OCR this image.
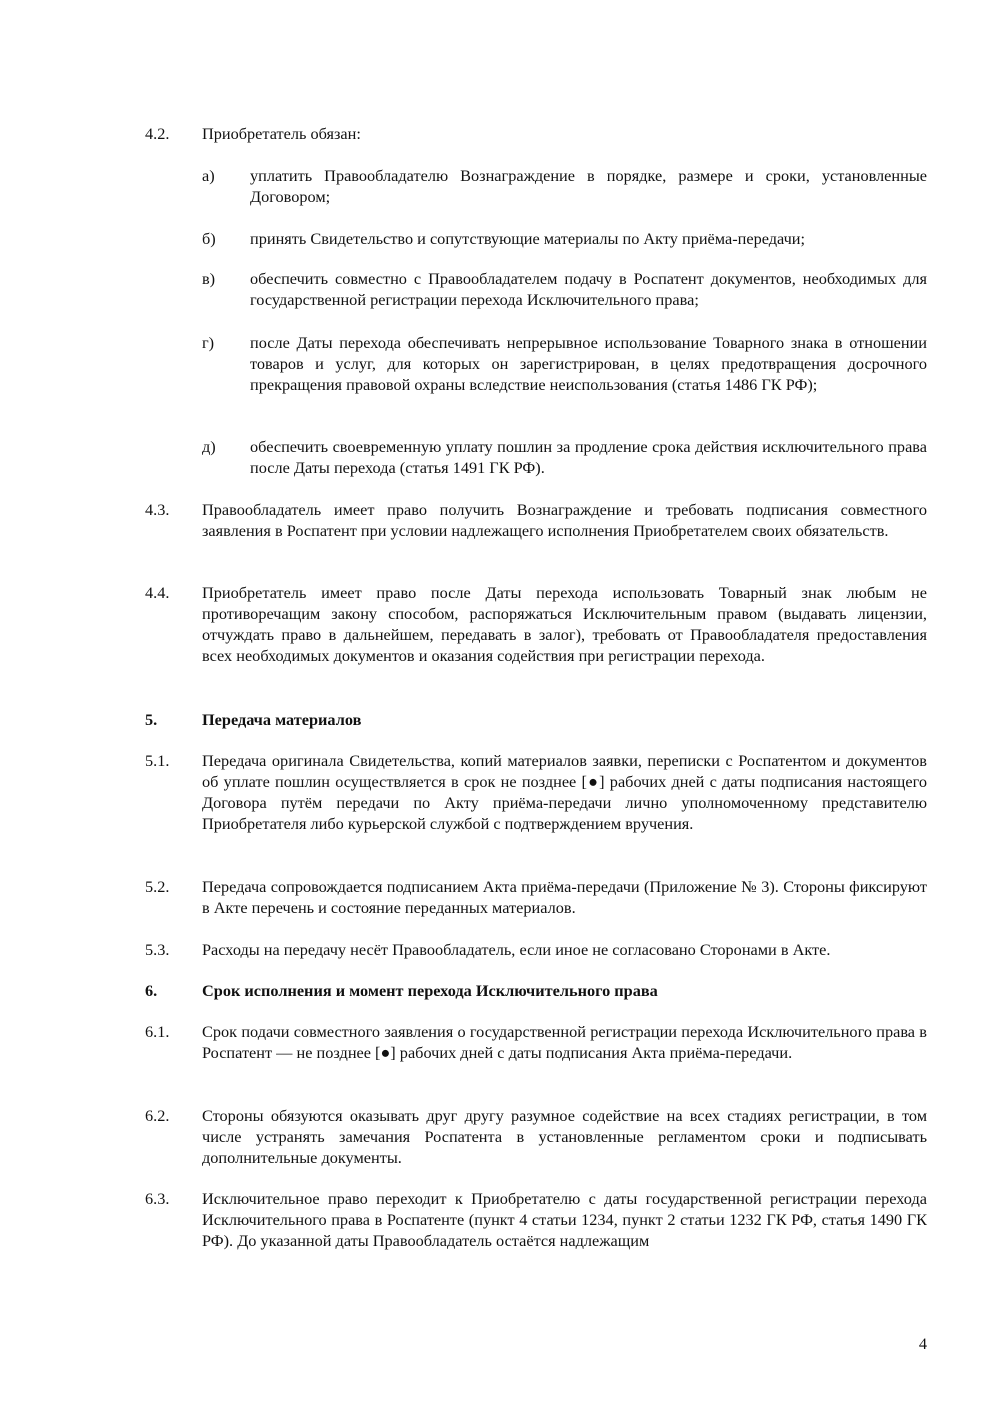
4.2.	Приобретатель обязан:
а)	уплатить Правообладателю Вознаграждение в порядке, размере и сроки, установленные Договором;
б)	принять Свидетельство и сопутствующие материалы по Акту приёма-передачи;
в)	обеспечить совместно с Правообладателем подачу в Роспатент документов, необходимых для государственной регистрации перехода Исключительного права;
г)	после Даты перехода обеспечивать непрерывное использование Товарного знака в отношении товаров и услуг, для которых он зарегистрирован, в целях предотвращения досрочного прекращения правовой охраны вследствие неиспользования (статья 1486 ГК РФ);
д)	обеспечить своевременную уплату пошлин за продление срока действия исключительного права после Даты перехода (статья 1491 ГК РФ).
4.3.	Правообладатель имеет право получить Вознаграждение и требовать подписания совместного заявления в Роспатент при условии надлежащего исполнения Приобретателем своих обязательств.
4.4.	Приобретатель имеет право после Даты перехода использовать Товарный знак любым не противоречащим закону способом, распоряжаться Исключительным правом (выдавать лицензии, отчуждать право в дальнейшем, передавать в залог), требовать от Правообладателя предоставления всех необходимых документов и оказания содействия при регистрации перехода.
5.	Передача материалов
5.1.	Передача оригинала Свидетельства, копий материалов заявки, переписки с Роспатентом и документов об уплате пошлин осуществляется в срок не позднее [●] рабочих дней с даты подписания настоящего Договора путём передачи по Акту приёма-передачи лично уполномоченному представителю Приобретателя либо курьерской службой с подтверждением вручения.
5.2.	Передача сопровождается подписанием Акта приёма-передачи (Приложение № 3). Стороны фиксируют в Акте перечень и состояние переданных материалов.
5.3.	Расходы на передачу несёт Правообладатель, если иное не согласовано Сторонами в Акте.
6.	Срок исполнения и момент перехода Исключительного права
6.1.	Срок подачи совместного заявления о государственной регистрации перехода Исключительного права в Роспатент — не позднее [●] рабочих дней с даты подписания Акта приёма-передачи.
6.2.	Стороны обязуются оказывать друг другу разумное содействие на всех стадиях регистрации, в том числе устранять замечания Роспатента в установленные регламентом сроки и подписывать дополнительные документы.
6.3.	Исключительное право переходит к Приобретателю с даты государственной регистрации перехода Исключительного права в Роспатенте (пункт 4 статьи 1234, пункт 2 статьи 1232 ГК РФ, статья 1490 ГК РФ). До указанной даты Правообладатель остаётся надлежащим
4
